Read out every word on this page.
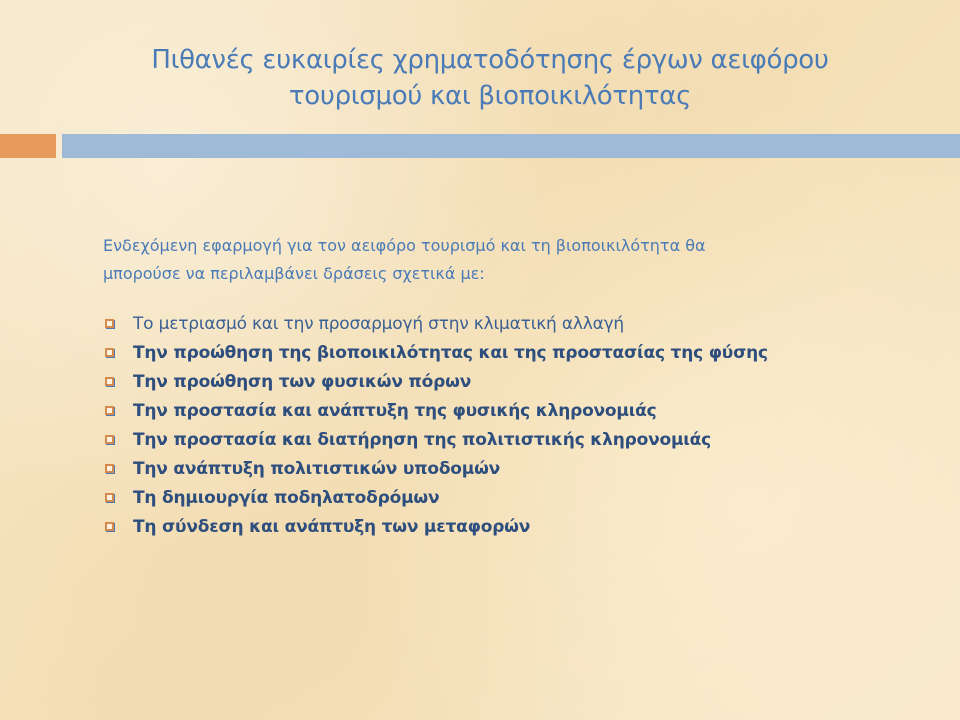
Πιθανές ευκαιρίες χρηματοδότησης έργων αειφόρου
τουρισμού και βιοποικιλότητας
Ενδεχόμενη εφαρμογή για τον αειφόρο τουρισμό και τη βιοποικιλότητα θα
μπορούσε να περιλαμβάνει δράσεις σχετικά με:
Το μετριασμό και την προσαρμογή στην κλιματική αλλαγή
Την προώθηση της βιοποικιλότητας και της προστασίας της φύσης
Την προώθηση των φυσικών πόρων
Την προστασία και ανάπτυξη της φυσικής κληρονομιάς
Την προστασία και διατήρηση της πολιτιστικής κληρονομιάς
Την ανάπτυξη πολιτιστικών υποδομών
Τη δημιουργία ποδηλατοδρόμων
Τη σύνδεση και ανάπτυξη των μεταφορών
